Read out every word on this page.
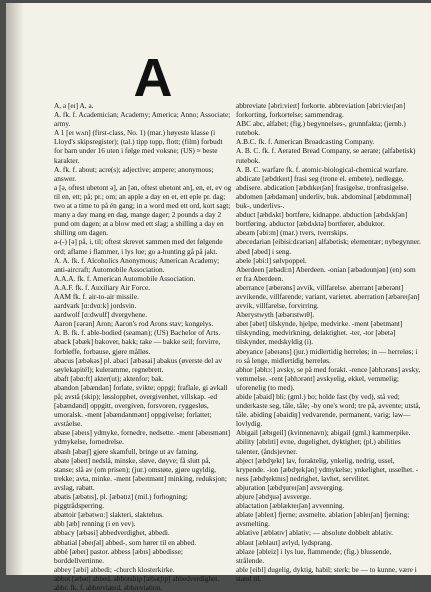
A

A, a [eɪ] A, a.

A. fk. f. Academician; Academy; America; Anno; Associate; army.

A 1 [eɪ wʌn] (first-class, No. 1) (mar.) høyeste klasse (i Lloyd's skipsregister); (tal.) tipp topp, flott; (film) forbudt for barn under 16 uten i følge med voksne; (US) ≈ beste karakter.

A. fk. f. about; acre(s); adjective; ampere; anonymous; answer.

a [ə, oftest ubetont ə], an [ən, oftest ubetont ən], en, et, ev og til en, ett; på; pr.; om; an apple a day en et, ett eple pr. dag; two at a time to på én gang; in a word med ett ord, kort sagt; many a day mang en dag, mange dager; 2 pounds a day 2 pund om dagen; at a blow med ett slag; a shilling a day en shilling om dagen.

a-(-) [ə] på, i, til; oftest skrevet sammen med det følgende ord; aflame i flammer, i lys lue; go a-hunting gå på jakt.

A. A. fk. f. Alcoholics Anonymous; American Academy; anti-aircraft; Automobile Association.

A.A.A. fk. f. American Automobile Association.

A.A.F. fk. f. Auxiliary Air Force.

AAM fk. f. air-to-air missile.

aardvark [ɑ:dvɑ:k] jordsvin.

aardwolf [ɑ:dwulf] dvergvhene.

Aaron [ɛərən] Aron; Aaron's rod Arons stav; kongelys.

A. B. fk. f. able-bodied (seaman); (US) Bachelor of Arts.

aback [əbæk] bakover, bakk; take — bakke seil; forvirre, forbløffe, forbause, gjøre målløs.

abacus [æbəkəs] pl. abaci [æbəsai] abakus (øverste del av søylekapitél); kuleramme, regnebrett.

abaft [əbɑ:ft] akter(ut); aktenfor; bak.

abandon [əbændən] forlate, svikte; oppgi; fraflale, gi avkall på; avstå (skip); løsslopphet, overgivenhet, villskap. -ed [əbændənd] oppgitt, overgiven, forsvoren, ryggesløs, umoralsk. -ment [əbændənmənt] oppgivelse; forlattet; avståelse.

abase [əbeɪs] ydmyke, fornedre, nedsette. -ment [əbeɪsmənt] ydmykelse, fornedrelse.

abash [əbæʃ] gjøre skamfull, bringe ut av fatning.

abate [əbeɪt] nedslå, minske, sløve, døyve; få slutt på, stanse; slå av (om prisen); (jur.) omstøte, gjøre ugyldig, trekke; avta, minke. -ment [əbeɪtmənt] minking, reduksjon; avslag, rabatt.

abatis [æbətɪs], pl. [æbətɪz] (mil.) forhogning; piggtrådsperring.

abattoir [æbətwɑ:] slakteri, slaktehus.

abb [æb] renning (i en vev).

abbacy [æbəsi] abbedverdighet, abbedi.

abbatial [əbeɪʃəl] abbed-, som hører til en abbed.

abbé [æbeɪ] pastor. abbess [æbɪs] abbedisse; borddellvertinne.

abbey [æbi] abbedi; -church klosterkirke.

abbot [æbət] abbed. abbotship [æbətʃɪp] abbedverdighet.

abbr. fk. f. abbreviated, abbreviation.

abbreviate [əbri:vieɪt] forkorte. abbreviation [əbri:vieɪʃən] forkorting, forkortelse; sammendrag.

ABC abc, alfabet; (fig.) begynnelses-, grunnfakta; (jernb.) rutebok.

A.B.C. fk. f. American Broadcasting Company.

A. B. C. fk. f. Aerated Bread Company, se aerate; (alfabetisk) rutebok.

A. B. C. warfare fk. f. atomic-biological-chemical warfare.

abdicate [æbdɪkeɪt] frasi seg (trone el. embete), nedlegge, abdisere. abdication [æbdɪkeɪʃən] frasigelse, tronfrasigelse.

abdomen [æbdəmən] underliv, buk. abdominal [æbdɒmɪnəl] buk-, underlivs-.

abduct [æbdʌkt] bortføre, kidnappe. abduction [æbdʌkʃən] bortføring. abductor [æbdʌktə] bortfører, abduktor.

abeam [əbi:m] (mar.) tvers, tverrskips.

abecedarian [eibisi:dɛəriən] alfabetisk; elementær; nybegynner.

abed [əbed] i seng.

abele [əbi:l] sølvpoppel.

Aberdeen [æbədi:n] Aberdeen. -onian [æbədounjən] (en) som er fra Aberdeen.

aberrance [æberəns] avvik, villfarelse. aberrant [æberənt] avvikende, villfarende; variant, varietet. aberration [æbəreɪʃən] avvik, villfarelse, forvirring.

Aberystwyth [æbərɪstwɪθ].

abet [əbet] tilskynde, hjelpe, medvirke. -ment [əbetmənt] tilskynding, medvirkning, delaktighet. -ter, -tor [əbetə] tilskynder, medskyldig (i).

abeyance [əbeɪəns] (jur.) midlertidig herreløs; in — herreløs; i ro så lenge, midlertidig herreløs.

abhor [əbhɔ:] avsky, se på med forakt. -rence [əbhɔrəns] avsky, vemmelse. -rent [əbhɔrənt] avskyelig, ekkel, vemmelig; uforenelig (to med).

abide [əbaid] bli; (gml.) bo; holde fast (by ved), stå ved; underkaste seg, tåle, tåle; -by one's word; tre på, avvente; utstå, tåle. abiding [əbaidiŋ] vedvarende, permanent, varig; law— lovlydig.

Abigail [æbɪgeil] (kvinnenavn); abigail (gml.) kammerpike.

ability [əbɪlɪti] evne, dugelighet, dyktighet; (pl.) abilities talenter, (ånds)evner.

abject [æbdʒekt] lav, foraktelig, ynkelig, nedrig, ussel, krypende. -ion [æbdʒekʃən] ydmykelse; ynkelighet, usselhet. -ness [æbdʒektnɪs] nedrighet, lavhet, servilitet.

abjuration [æbdʒureɪʃən] avsverging.

abjure [əbdʒuə] avsverge.

ablactation [æblækteɪʃən] avvenning.

ablate [əbleɪt] fjerne; avsmelte. ablation [əbleɪʃən] fjerning; avsmelting.

ablative [æblətɪv] ablativ; — absolute dobbelt ablativ.

ablaut [æblaut] avlyd, lydsprang.

ablaze [əbleiz] i lys lue, flammende; (fig.) blussende, strålende.

able [eibl] dugelig, dyktig, habil; sterk; be — to kunne, være i stand til.
